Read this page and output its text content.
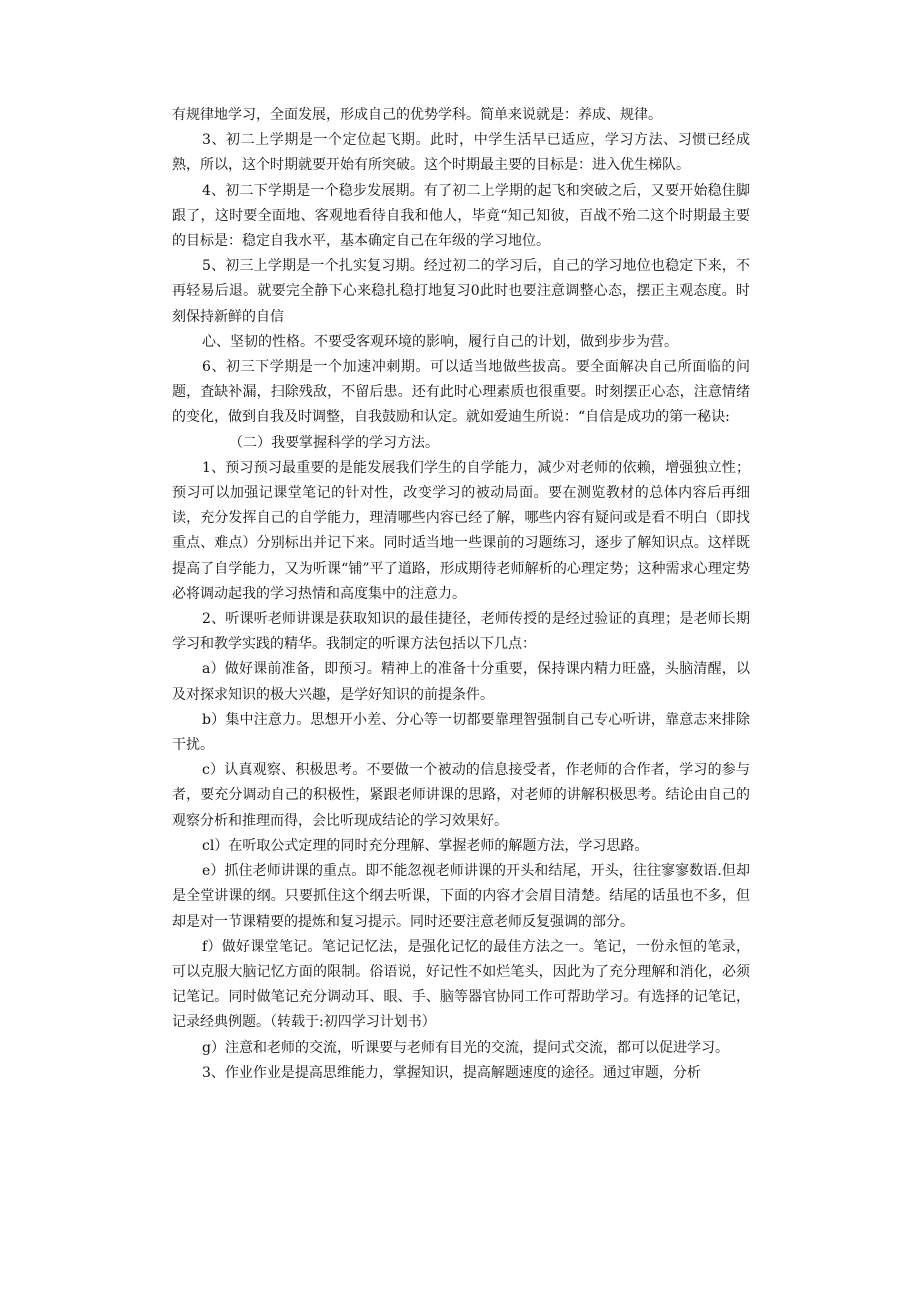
有规律地学习，全面发展，形成自己的优势学科。简单来说就是：养成、规律。

3、初二上学期是一个定位起飞期。此时，中学生活早已适应，学习方法、习惯已经成熟，所以，这个时期就要开始有所突破。这个时期最主要的目标是：进入优生梯队。

4、初二下学期是一个稳步发展期。有了初二上学期的起飞和突破之后，又要开始稳住脚跟了，这时要全面地、客观地看待自我和他人，毕竟“知己知彼，百战不殆二这个时期最主要的目标是：稳定自我水平，基本确定自己在年级的学习地位。

5、初三上学期是一个扎实复习期。经过初二的学习后，自己的学习地位也稳定下来，不再轻易后退。就要完全静下心来稳扎稳打地复习0此时也要注意调整心态，摆正主观态度。时刻保持新鲜的自信

心、坚韧的性格。不要受客观环境的影响，履行自己的计划，做到步步为营。

6、初三下学期是一个加速冲刺期。可以适当地做些拔高。要全面解决自己所面临的问题，査缺补漏，扫除残敌，不留后患。还有此时心理素质也很重要。时刻摆正心态，注意情绪的变化，做到自我及时调整，自我鼓励和认定。就如爱迪生所说：“自信是成功的第一秘诀:

（二）我要掌握科学的学习方法。

1、预习预习最重要的是能发展我们学生的自学能力，减少对老师的依赖，增强独立性；预习可以加强记课堂笔记的针对性，改变学习的被动局面。要在测览教材的总体内容后再细读，充分发挥自己的自学能力，理清哪些内容已经了解，哪些内容有疑问或是看不明白（即找重点、难点）分别标出并记下来。同时适当地一些课前的习题练习，逐步了解知识点。这样既提高了自学能力，又为听课“铺”平了道路，形成期待老师解析的心理定势；这种需求心理定势必将调动起我的学习热情和高度集中的注意力。

2、听课听老师讲课是获取知识的最佳捷径，老师传授的是经过验证的真理；是老师长期学习和教学实践的精华。我制定的听课方法包括以下几点：

a）做好课前准备，即预习。精神上的准备十分重要，保持课内精力旺盛，头脑清醒，以及对探求知识的极大兴趣，是学好知识的前提条件。

b）集中注意力。思想开小差、分心等一切都要靠理智强制自己专心听讲，靠意志来排除干扰。

c）认真观察、积极思考。不要做一个被动的信息接受者，作老师的合作者，学习的参与者，要充分调动自己的积极性，紧跟老师讲课的思路，对老师的讲解积极思考。结论由自己的观察分析和推理而得，会比听现成结论的学习效果好。

cl）在听取公式定理的同时充分理解、掌握老师的解题方法，学习思路。

e）抓住老师讲课的重点。即不能忽视老师讲课的开头和结尾，开头，往往寥寥数语.但却是全堂讲课的纲。只要抓住这个纲去听课，下面的内容才会眉目清楚。结尾的话虽也不多，但却是对一节课精要的提炼和复习提示。同时还要注意老师反复强调的部分。

f）做好课堂笔记。笔记记忆法，是强化记忆的最佳方法之一。笔记，一份永恒的笔录，可以克服大脑记忆方面的限制。俗语说，好记性不如烂笔头，因此为了充分理解和消化，必须记笔记。同时做笔记充分调动耳、眼、手、脑等器官协同工作可帮助学习。有选择的记笔记，记录经典例题。（转载于:初四学习计划书）

g）注意和老师的交流，听课要与老师有目光的交流，提问式交流，都可以促进学习。

3、作业作业是提高思维能力，掌握知识，提高解题速度的途径。通过审题，分析
